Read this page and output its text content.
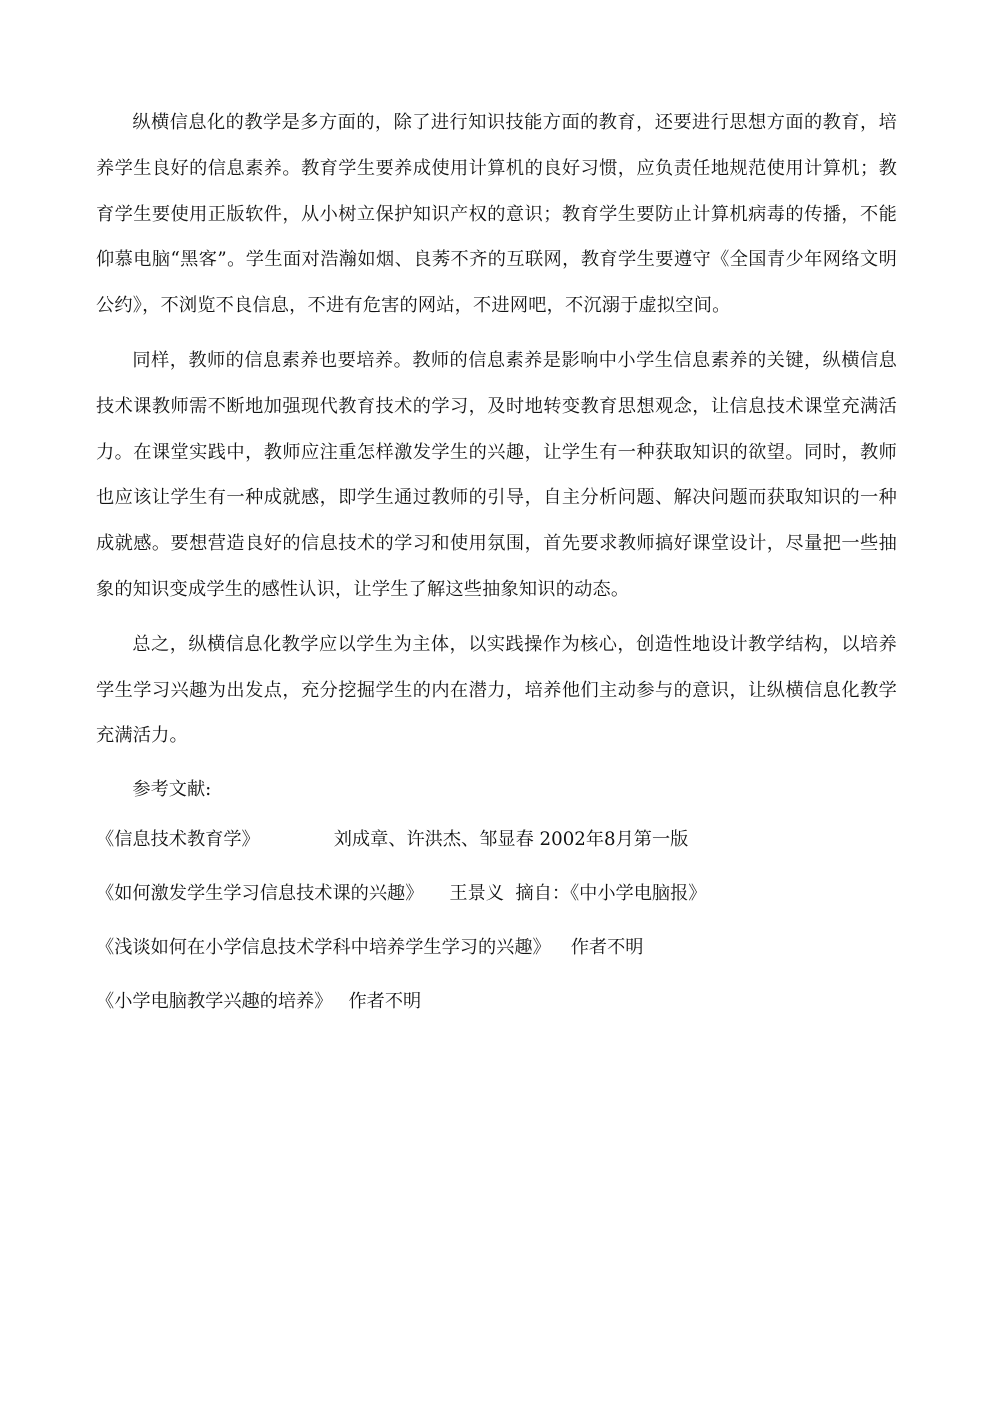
纵横信息化的教学是多方面的，除了进行知识技能方面的教育，还要进行思想方面的教育，培养学生良好的信息素养。教育学生要养成使用计算机的良好习惯，应负责任地规范使用计算机；教育学生要使用正版软件，从小树立保护知识产权的意识；教育学生要防止计算机病毒的传播，不能仰慕电脑“黑客”。学生面对浩瀚如烟、良莠不齐的互联网，教育学生要遵守《全国青少年网络文明公约》，不浏览不良信息，不进有危害的网站，不进网吧，不沉溺于虚拟空间。

同样，教师的信息素养也要培养。教师的信息素养是影响中小学生信息素养的关键，纵横信息技术课教师需不断地加强现代教育技术的学习，及时地转变教育思想观念，让信息技术课堂充满活力。在课堂实践中，教师应注重怎样激发学生的兴趣，让学生有一种获取知识的欲望。同时，教师也应该让学生有一种成就感，即学生通过教师的引导，自主分析问题、解决问题而获取知识的一种成就感。要想营造良好的信息技术的学习和使用氛围，首先要求教师搞好课堂设计，尽量把一些抽象的知识变成学生的感性认识，让学生了解这些抽象知识的动态。

总之，纵横信息化教学应以学生为主体，以实践操作为核心，创造性地设计教学结构，以培养学生学习兴趣为出发点，充分挖掘学生的内在潜力，培养他们主动参与的意识，让纵横信息化教学充满活力。

参考文献:

《信息技术教育学》	刘成章、许洪杰、邹显春 2002年8月第一版

《如何激发学生学习信息技术课的兴趣》 王景义  摘自：《中小学电脑报》

《浅谈如何在小学信息技术学科中培养学生学习的兴趣》 作者不明

《小学电脑教学兴趣的培养》 作者不明
